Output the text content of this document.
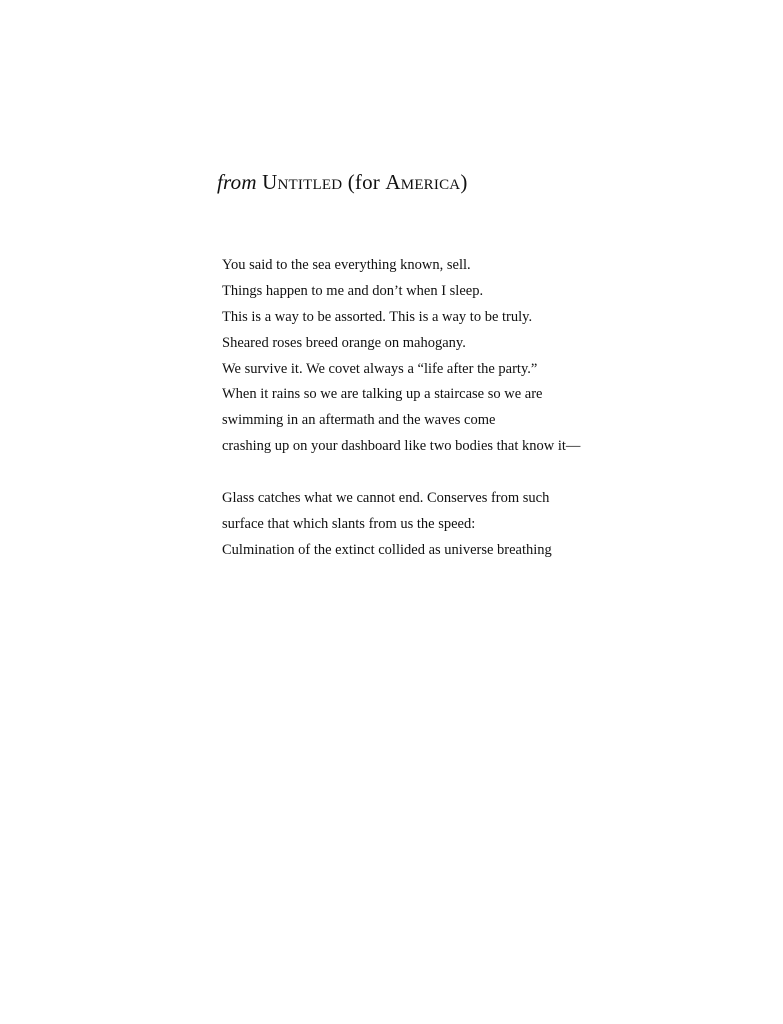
from Untitled (for America)
You said to the sea everything known, sell.
Things happen to me and don’t when I sleep.
This is a way to be assorted. This is a way to be truly.
Sheared roses breed orange on mahogany.
We survive it. We covet always a “life after the party.”
When it rains so we are talking up a staircase so we are
swimming in an aftermath and the waves come
crashing up on your dashboard like two bodies that know it—
Glass catches what we cannot end. Conserves from such
surface that which slants from us the speed:
Culmination of the extinct collided as universe breathing
